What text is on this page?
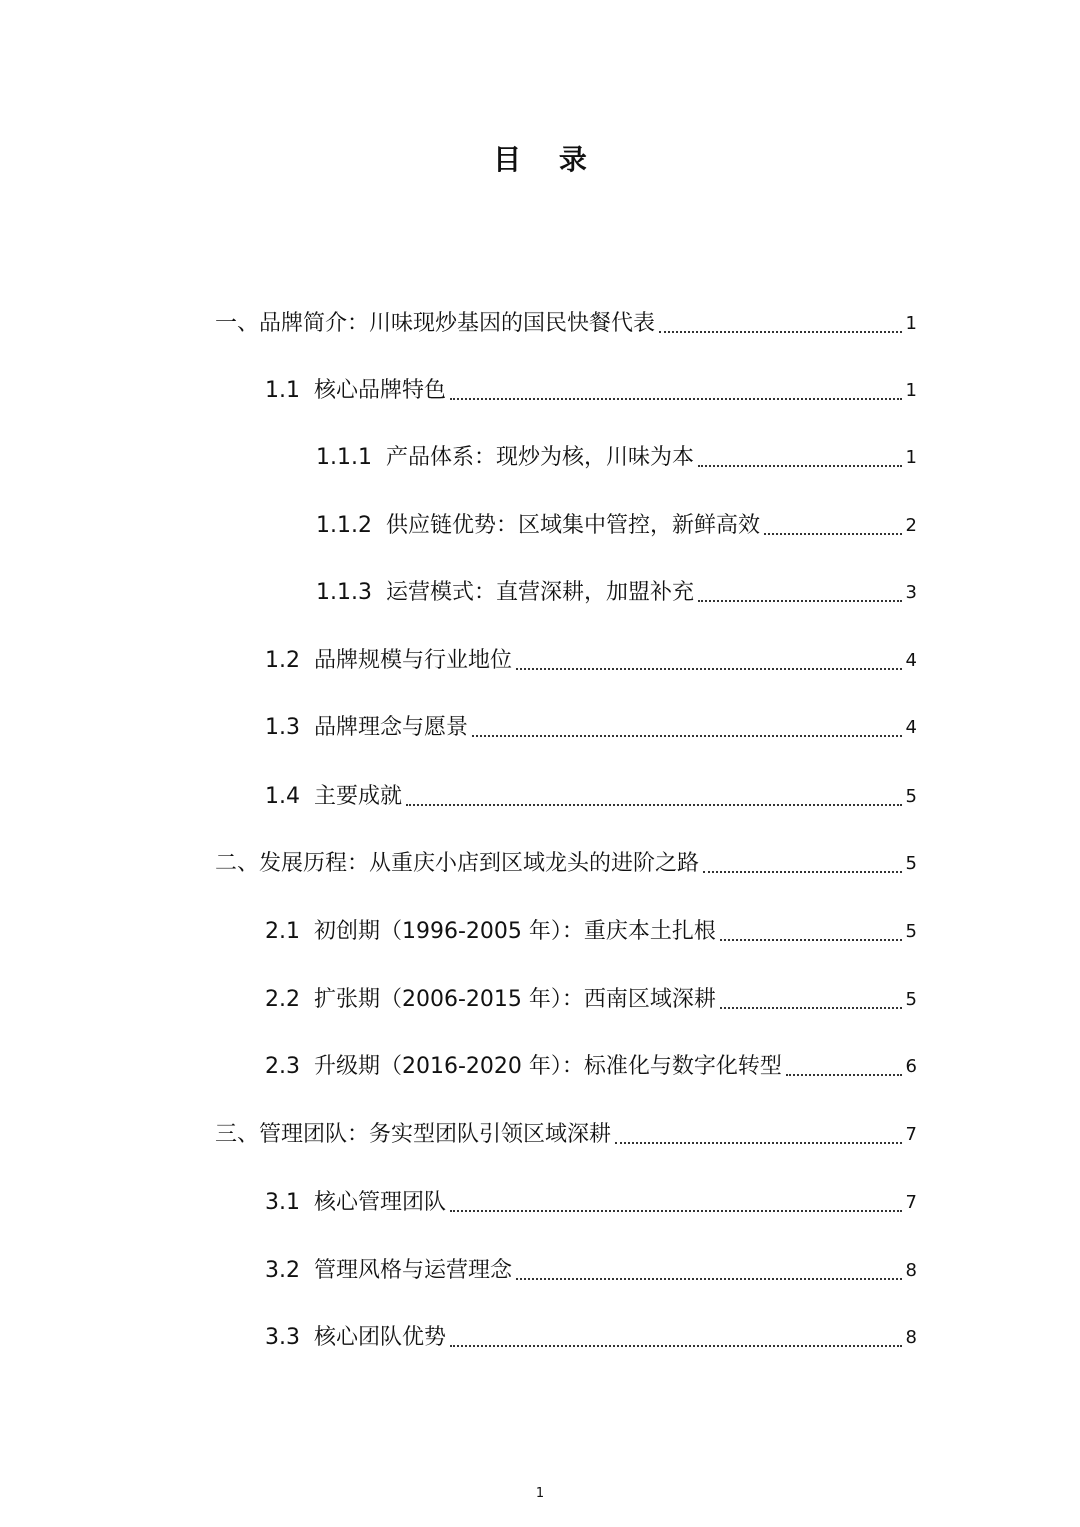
目 录
一、品牌简介：川味现炒基因的国民快餐代表	1
1.1 核心品牌特色	1
1.1.1 产品体系：现炒为核，川味为本	1
1.1.2 供应链优势：区域集中管控，新鲜高效	2
1.1.3 运营模式：直营深耕，加盟补充	3
1.2 品牌规模与行业地位	4
1.3 品牌理念与愿景	4
1.4 主要成就	5
二、发展历程：从重庆小店到区域龙头的进阶之路	5
2.1 初创期（1996-2005 年）：重庆本土扎根	5
2.2 扩张期（2006-2015 年）：西南区域深耕	5
2.3 升级期（2016-2020 年）：标准化与数字化转型	6
三、管理团队：务实型团队引领区域深耕	7
3.1 核心管理团队	7
3.2 管理风格与运营理念	8
3.3 核心团队优势	8
1
